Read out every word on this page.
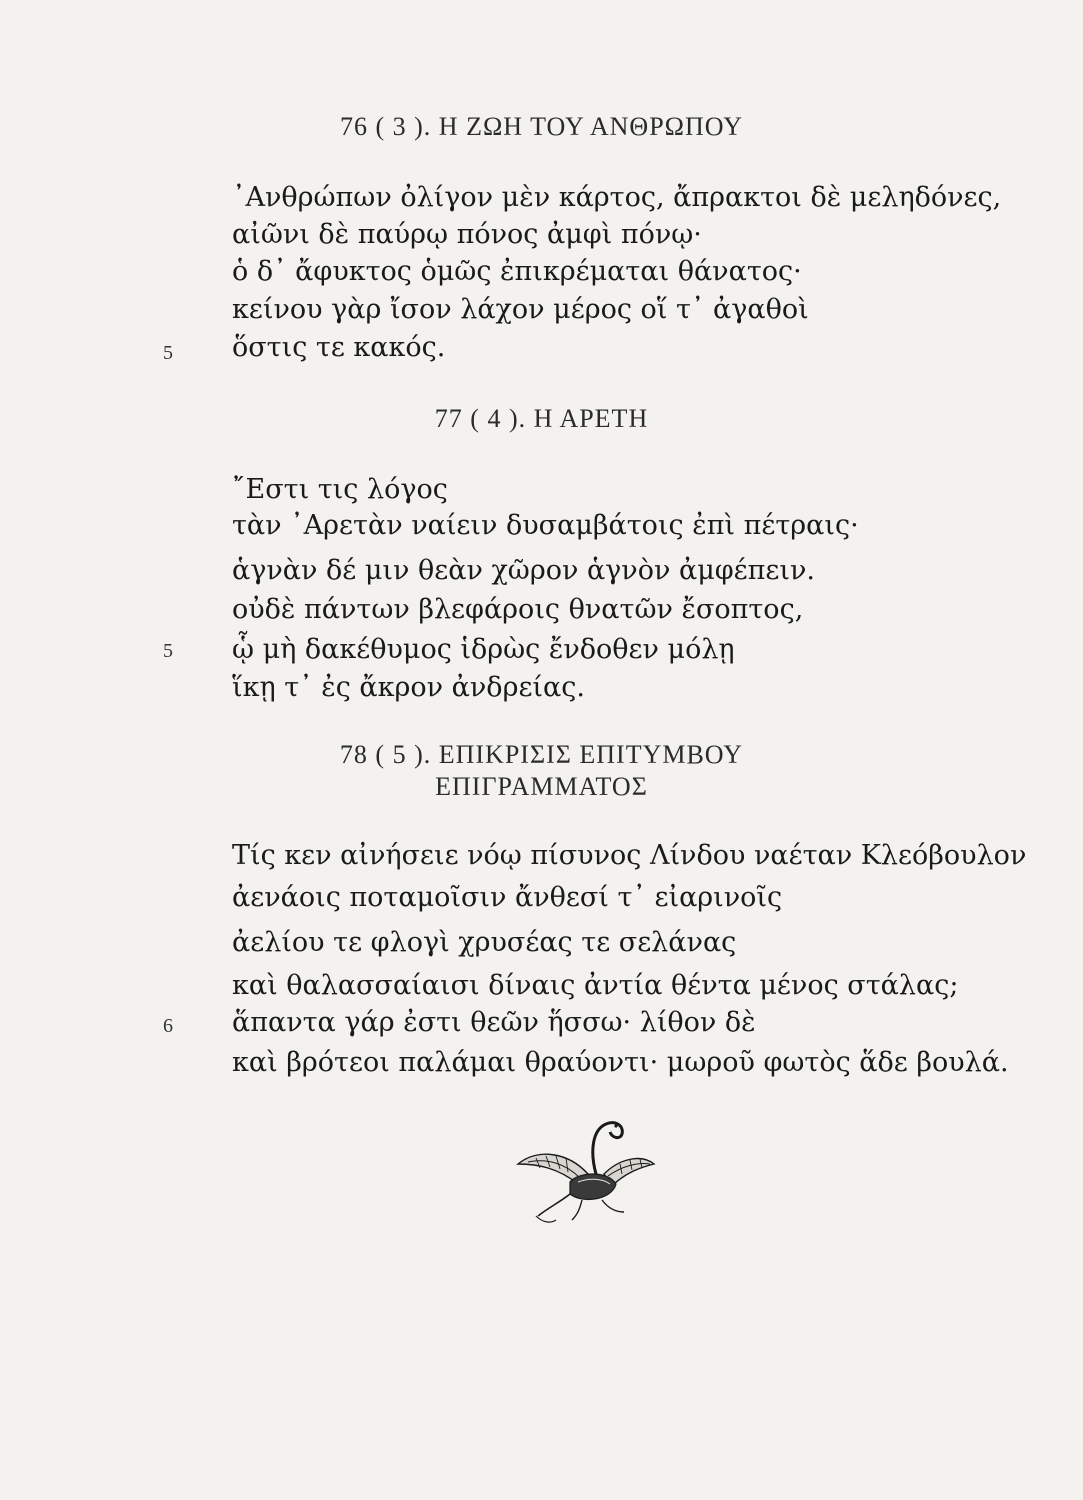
76 ( 3 ). Η ΖΩΗ ΤΟΥ ΑΝΘΡΩΠΟΥ
᾿Ανθρώπων ὀλίγον μὲν κάρτος, ἄπρακτοι δὲ μεληδόνες,
αἰῶνι δὲ παύρῳ πόνος ἀμφὶ πόνῳ·
ὁ δ᾿ ἄφυκτος ὁμῶς ἐπικρέμαται θάνατος·
κείνου γὰρ ἴσον λάχον μέρος οἵ τ᾿ ἀγαθοὶ
5 ὅστις τε κακός.
77 ( 4 ). Η ΑΡΕΤΗ
῎Εστι τις λόγος
τὰν ᾿Αρετὰν ναίειν δυσαμβάτοις ἐπὶ πέτραις·
ἁγνὰν δέ μιν θεὰν χῶρον ἁγνὸν ἀμφέπειν.
οὐδὲ πάντων βλεφάροις θνατῶν ἔσοπτος,
5 ᾧ μὴ δακέθυμος ἱδρὼς ἔνδοθεν μόλῃ
ἵκῃ τ᾿ ἐς ἄκρον ἀνδρείας.
78 ( 5 ). ΕΠΙΚΡΙΣΙΣ ΕΠΙΤΥΜΒΟΥ
ΕΠΙΓΡΑΜΜΑΤΟΣ
Τίς κεν αἰνήσειε νόῳ πίσυνος Λίνδου ναέταν Κλεόβουλον
ἀενάοις ποταμοῖσιν ἄνθεσί τ᾿ εἰαρινοῖς
ἀελίου τε φλογὶ χρυσέας τε σελάνας
καὶ θαλασσαίαισι δίναις ἀντία θέντα μένος στάλας;
6 ἅπαντα γάρ ἐστι θεῶν ἥσσω· λίθον δὲ
καὶ βρότεοι παλάμαι θραύοντι· μωροῦ φωτὸς ἅδε βουλά.
